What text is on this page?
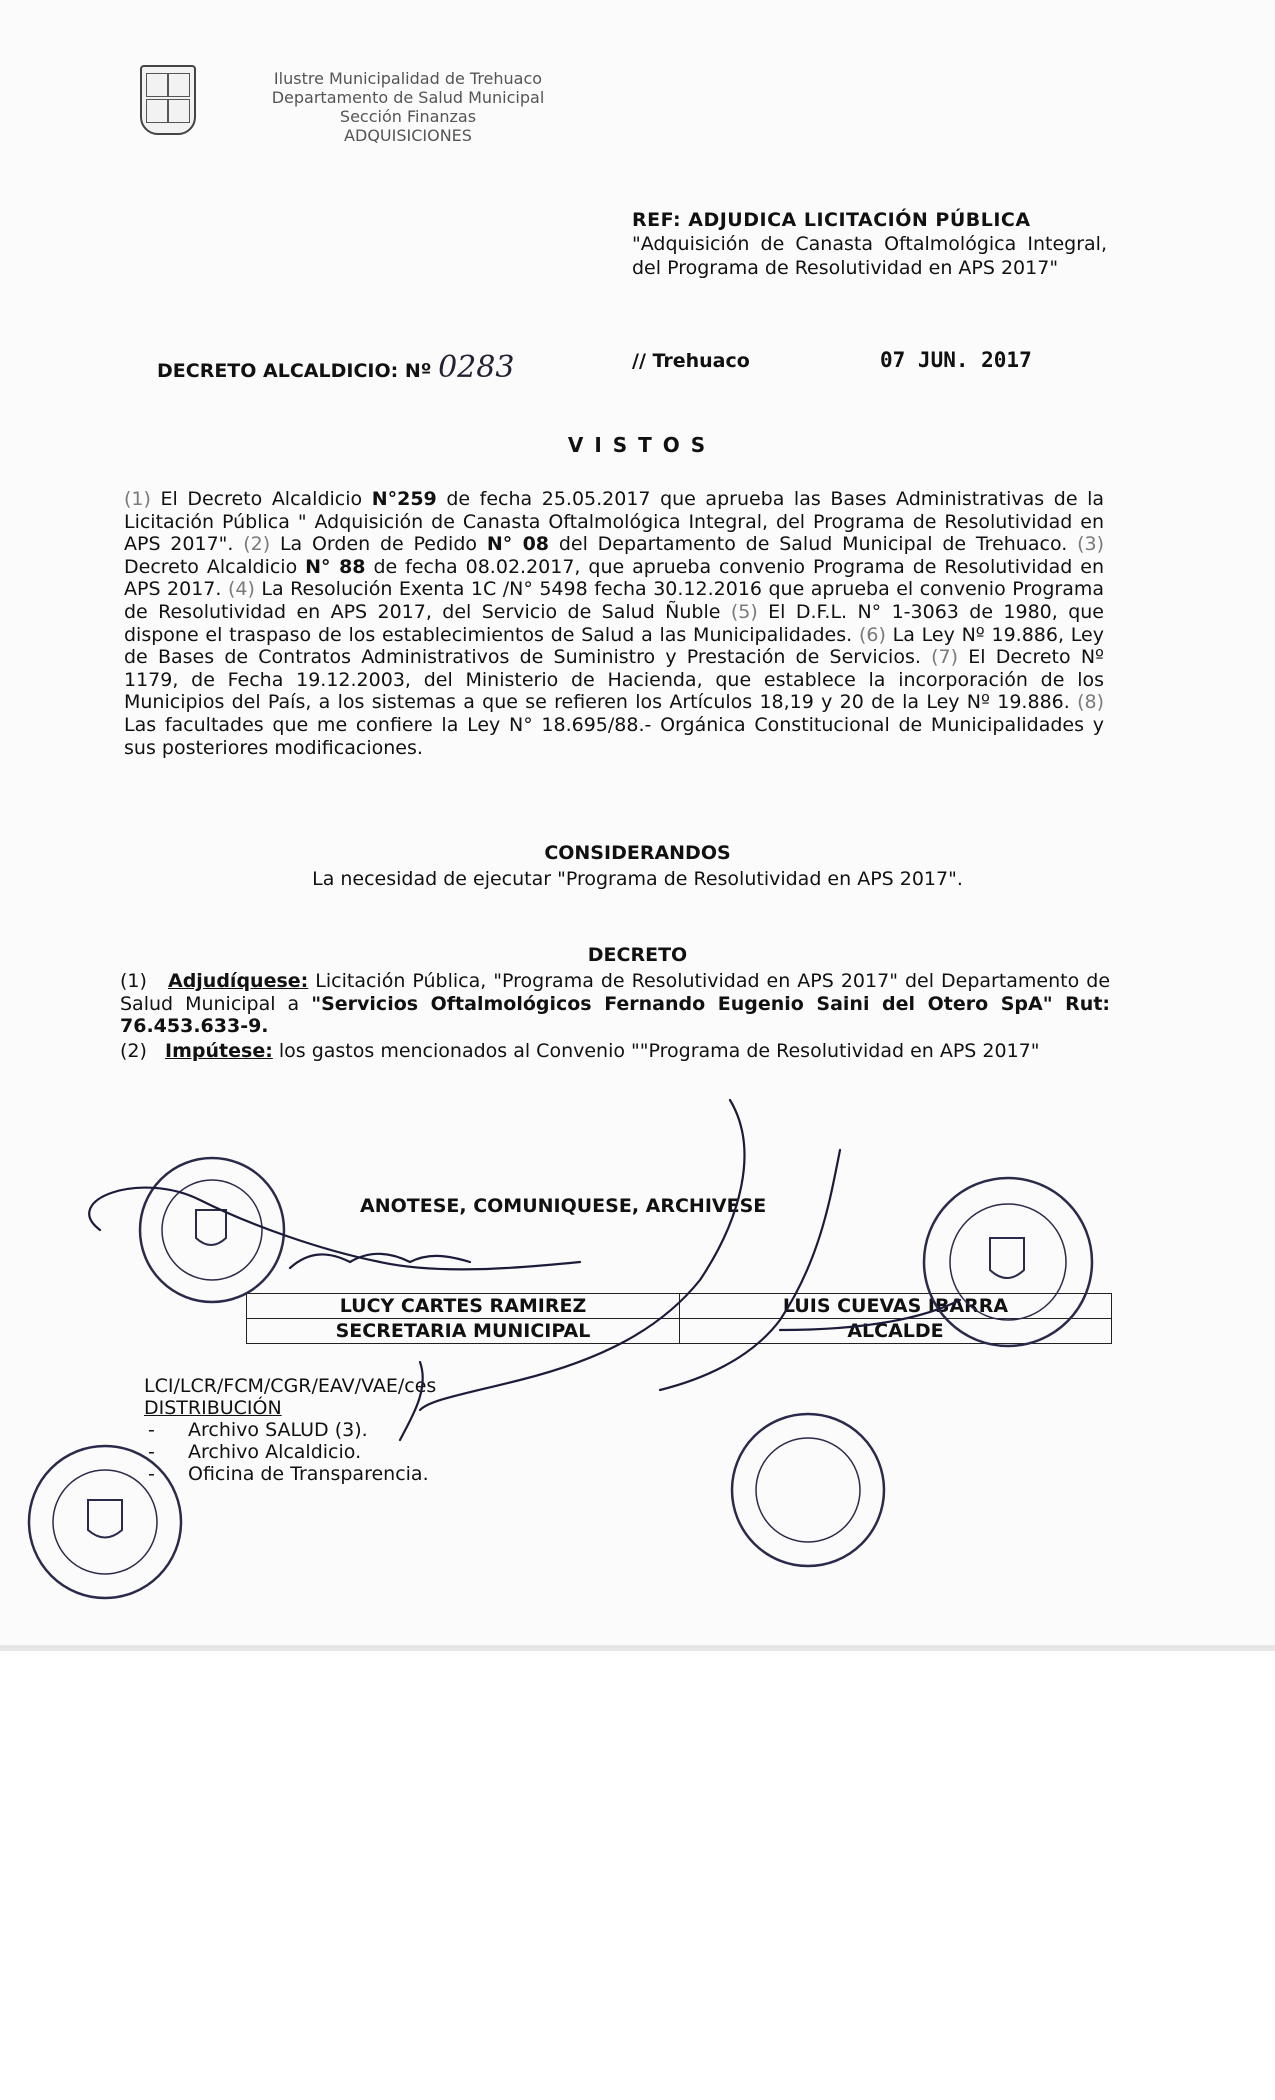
Ilustre Municipalidad de Trehuaco
Departamento de Salud Municipal
Sección Finanzas
ADQUISICIONES
REF: ADJUDICA LICITACIÓN PÚBLICA
"Adquisición de Canasta Oftalmológica Integral, del Programa de Resolutividad en APS 2017"
DECRETO ALCALDICIO: Nº 0283	// Trehuaco	07 JUN. 2017
V I S T O S
(1) El Decreto Alcaldicio N°259 de fecha 25.05.2017 que aprueba las Bases Administrativas de la Licitación Pública " Adquisición de Canasta Oftalmológica Integral, del Programa de Resolutividad en APS 2017". (2) La Orden de Pedido N° 08 del Departamento de Salud Municipal de Trehuaco. (3) Decreto Alcaldicio N° 88 de fecha 08.02.2017, que aprueba convenio Programa de Resolutividad en APS 2017. (4) La Resolución Exenta 1C /N° 5498 fecha 30.12.2016 que aprueba el convenio Programa de Resolutividad en APS 2017, del Servicio de Salud Ñuble (5) El D.F.L. N° 1-3063 de 1980, que dispone el traspaso de los establecimientos de Salud a las Municipalidades. (6) La Ley Nº 19.886, Ley de Bases de Contratos Administrativos de Suministro y Prestación de Servicios. (7) El Decreto Nº 1179, de Fecha 19.12.2003, del Ministerio de Hacienda, que establece la incorporación de los Municipios del País, a los sistemas a que se refieren los Artículos 18,19 y 20 de la Ley Nº 19.886. (8) Las facultades que me confiere la Ley N° 18.695/88.- Orgánica Constitucional de Municipalidades y sus posteriores modificaciones.
CONSIDERANDOS
La necesidad de ejecutar "Programa de Resolutividad en APS 2017".
DECRETO
(1) Adjudíquese: Licitación Pública, "Programa de Resolutividad en APS 2017" del Departamento de Salud Municipal a "Servicios Oftalmológicos Fernando Eugenio Saini del Otero SpA" Rut: 76.453.633-9.
(2) Impútese: los gastos mencionados al Convenio ""Programa de Resolutividad en APS 2017"
ANOTESE, COMUNIQUESE, ARCHIVESE
LUCY CARTES RAMIREZ	LUIS CUEVAS IBARRA
SECRETARIA MUNICIPAL	ALCALDE
LCI/LCR/FCM/CGR/EAV/VAE/ces
DISTRIBUCIÓN
- Archivo SALUD (3).
- Archivo Alcaldicio.
- Oficina de Transparencia.
